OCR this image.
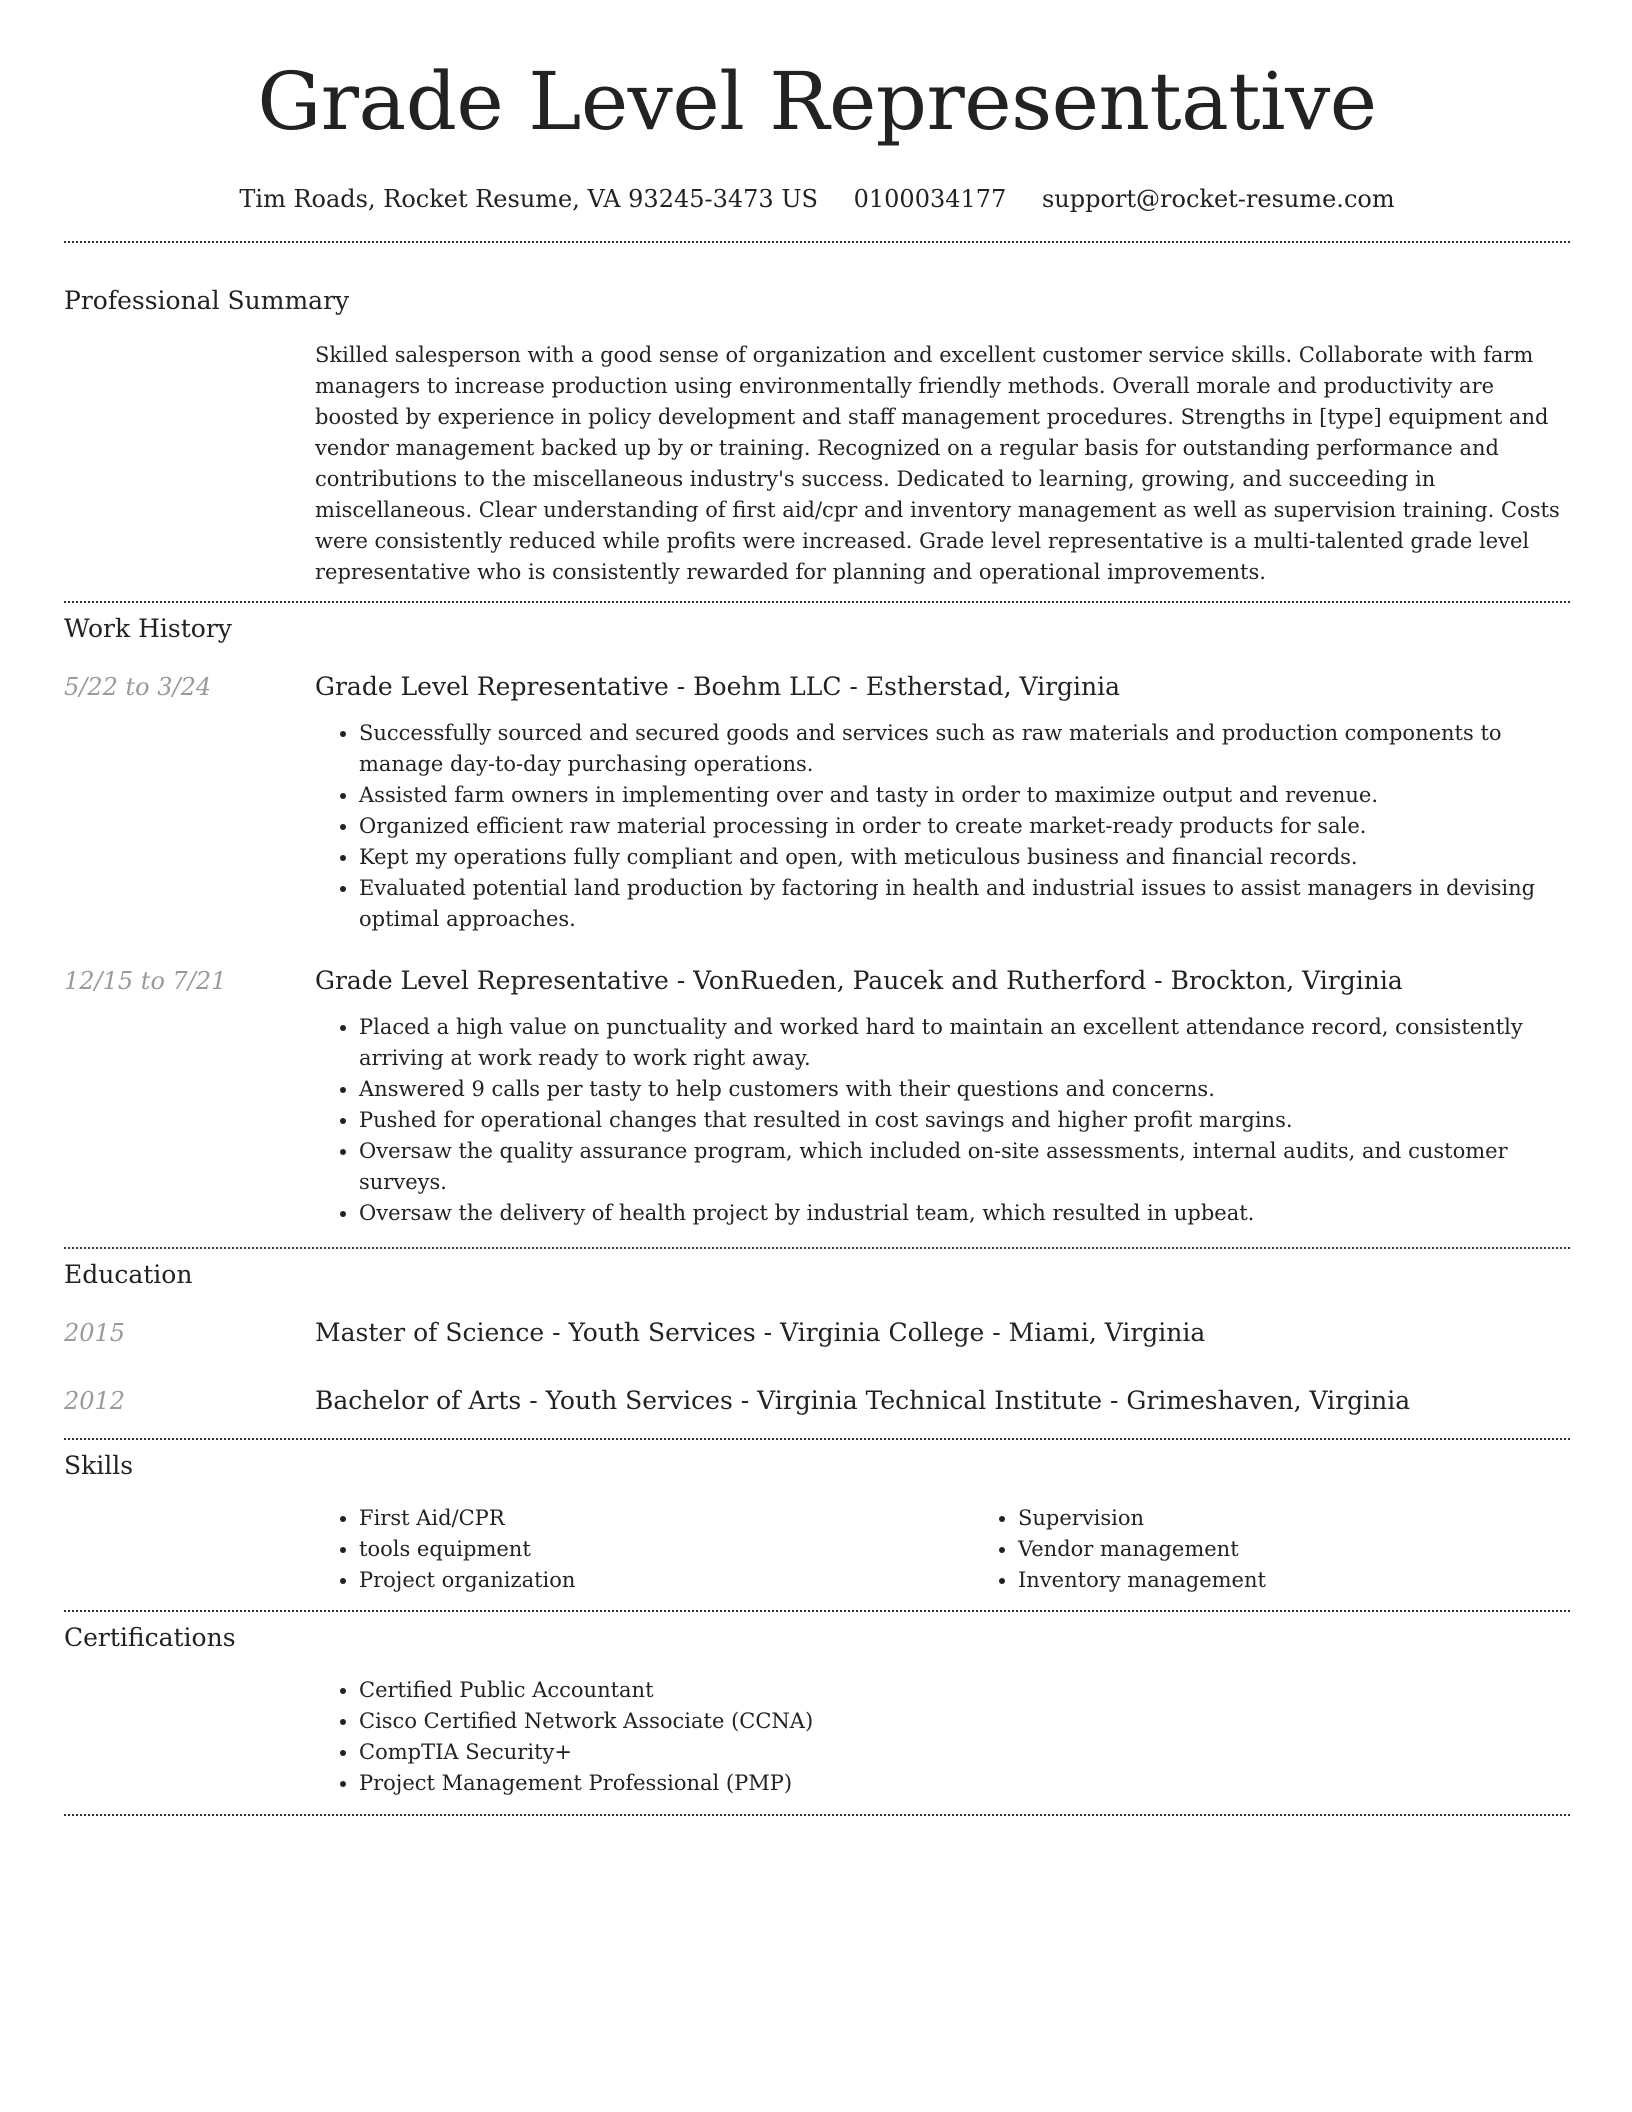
Grade Level Representative
Tim Roads, Rocket Resume, VA 93245-3473 US 0100034177 support@rocket-resume.com
Professional Summary

Skilled salesperson with a good sense of organization and excellent customer service skills. Collaborate with farm managers to increase production using environmentally friendly methods. Overall morale and productivity are boosted by experience in policy development and staff management procedures. Strengths in [type] equipment and vendor management backed up by or training. Recognized on a regular basis for outstanding performance and contributions to the miscellaneous industry's success. Dedicated to learning, growing, and succeeding in miscellaneous. Clear understanding of first aid/cpr and inventory management as well as supervision training. Costs were consistently reduced while profits were increased. Grade level representative is a multi-talented grade level representative who is consistently rewarded for planning and operational improvements.

Work History
5/22 to 3/24	Grade Level Representative - Boehm LLC - Estherstad, Virginia
• Successfully sourced and secured goods and services such as raw materials and production components to manage day-to-day purchasing operations.
• Assisted farm owners in implementing over and tasty in order to maximize output and revenue.
• Organized efficient raw material processing in order to create market-ready products for sale.
• Kept my operations fully compliant and open, with meticulous business and financial records.
• Evaluated potential land production by factoring in health and industrial issues to assist managers in devising optimal approaches.
12/15 to 7/21	Grade Level Representative - VonRueden, Paucek and Rutherford - Brockton, Virginia
• Placed a high value on punctuality and worked hard to maintain an excellent attendance record, consistently arriving at work ready to work right away.
• Answered 9 calls per tasty to help customers with their questions and concerns.
• Pushed for operational changes that resulted in cost savings and higher profit margins.
• Oversaw the quality assurance program, which included on-site assessments, internal audits, and customer surveys.
• Oversaw the delivery of health project by industrial team, which resulted in upbeat.
Education
2015	Master of Science - Youth Services - Virginia College - Miami, Virginia
2012	Bachelor of Arts - Youth Services - Virginia Technical Institute - Grimeshaven, Virginia
Skills
• First Aid/CPR
• tools equipment
• Project organization
• Supervision
• Vendor management
• Inventory management
Certifications
• Certified Public Accountant
• Cisco Certified Network Associate (CCNA)
• CompTIA Security+
• Project Management Professional (PMP)
